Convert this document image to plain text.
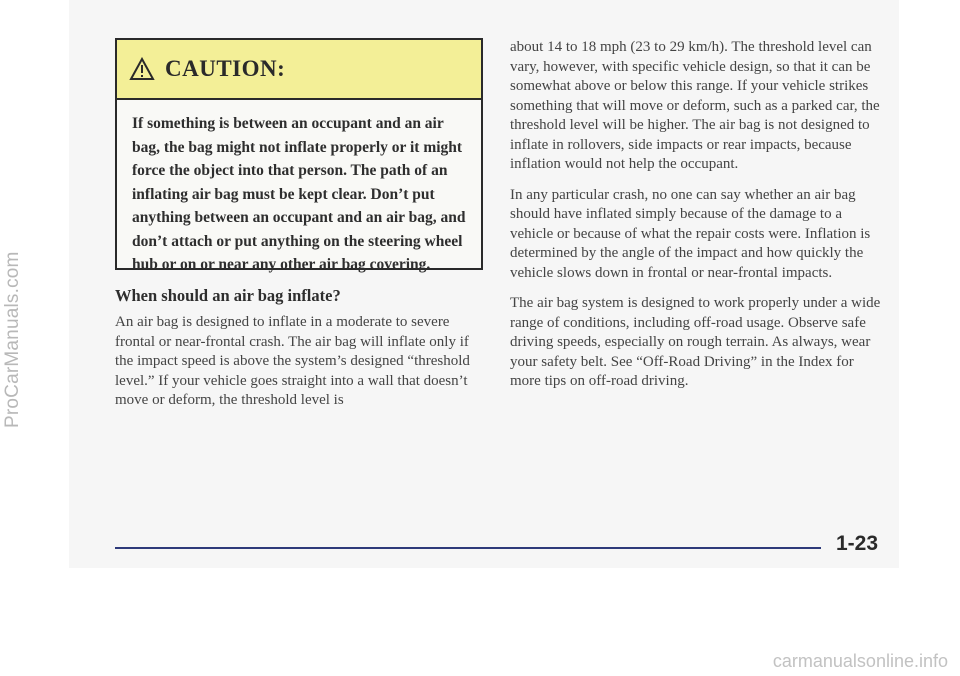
ProCarManuals.com
CAUTION:
If something is between an occupant and an air bag, the bag might not inflate properly or it might force the object into that person. The path of an inflating air bag must be kept clear. Don’t put anything between an occupant and an air bag, and don’t attach or put anything on the steering wheel hub or on or near any other air bag covering.
When should an air bag inflate?

An air bag is designed to inflate in a moderate to severe frontal or near-frontal crash. The air bag will inflate only if the impact speed is above the system’s designed “threshold level.” If your vehicle goes straight into a wall that doesn’t move or deform, the threshold level is

about 14 to 18 mph (23 to 29 km/h). The threshold level can vary, however, with specific vehicle design, so that it can be somewhat above or below this range. If your vehicle strikes something that will move or deform, such as a parked car, the threshold level will be higher. The air bag is not designed to inflate in rollovers, side impacts or rear impacts, because inflation would not help the occupant.

In any particular crash, no one can say whether an air bag should have inflated simply because of the damage to a vehicle or because of what the repair costs were. Inflation is determined by the angle of the impact and how quickly the vehicle slows down in frontal or near-frontal impacts.

The air bag system is designed to work properly under a wide range of conditions, including off-road usage. Observe safe driving speeds, especially on rough terrain. As always, wear your safety belt. See “Off-Road Driving” in the Index for more tips on off-road driving.

1-23
carmanualsonline.info
